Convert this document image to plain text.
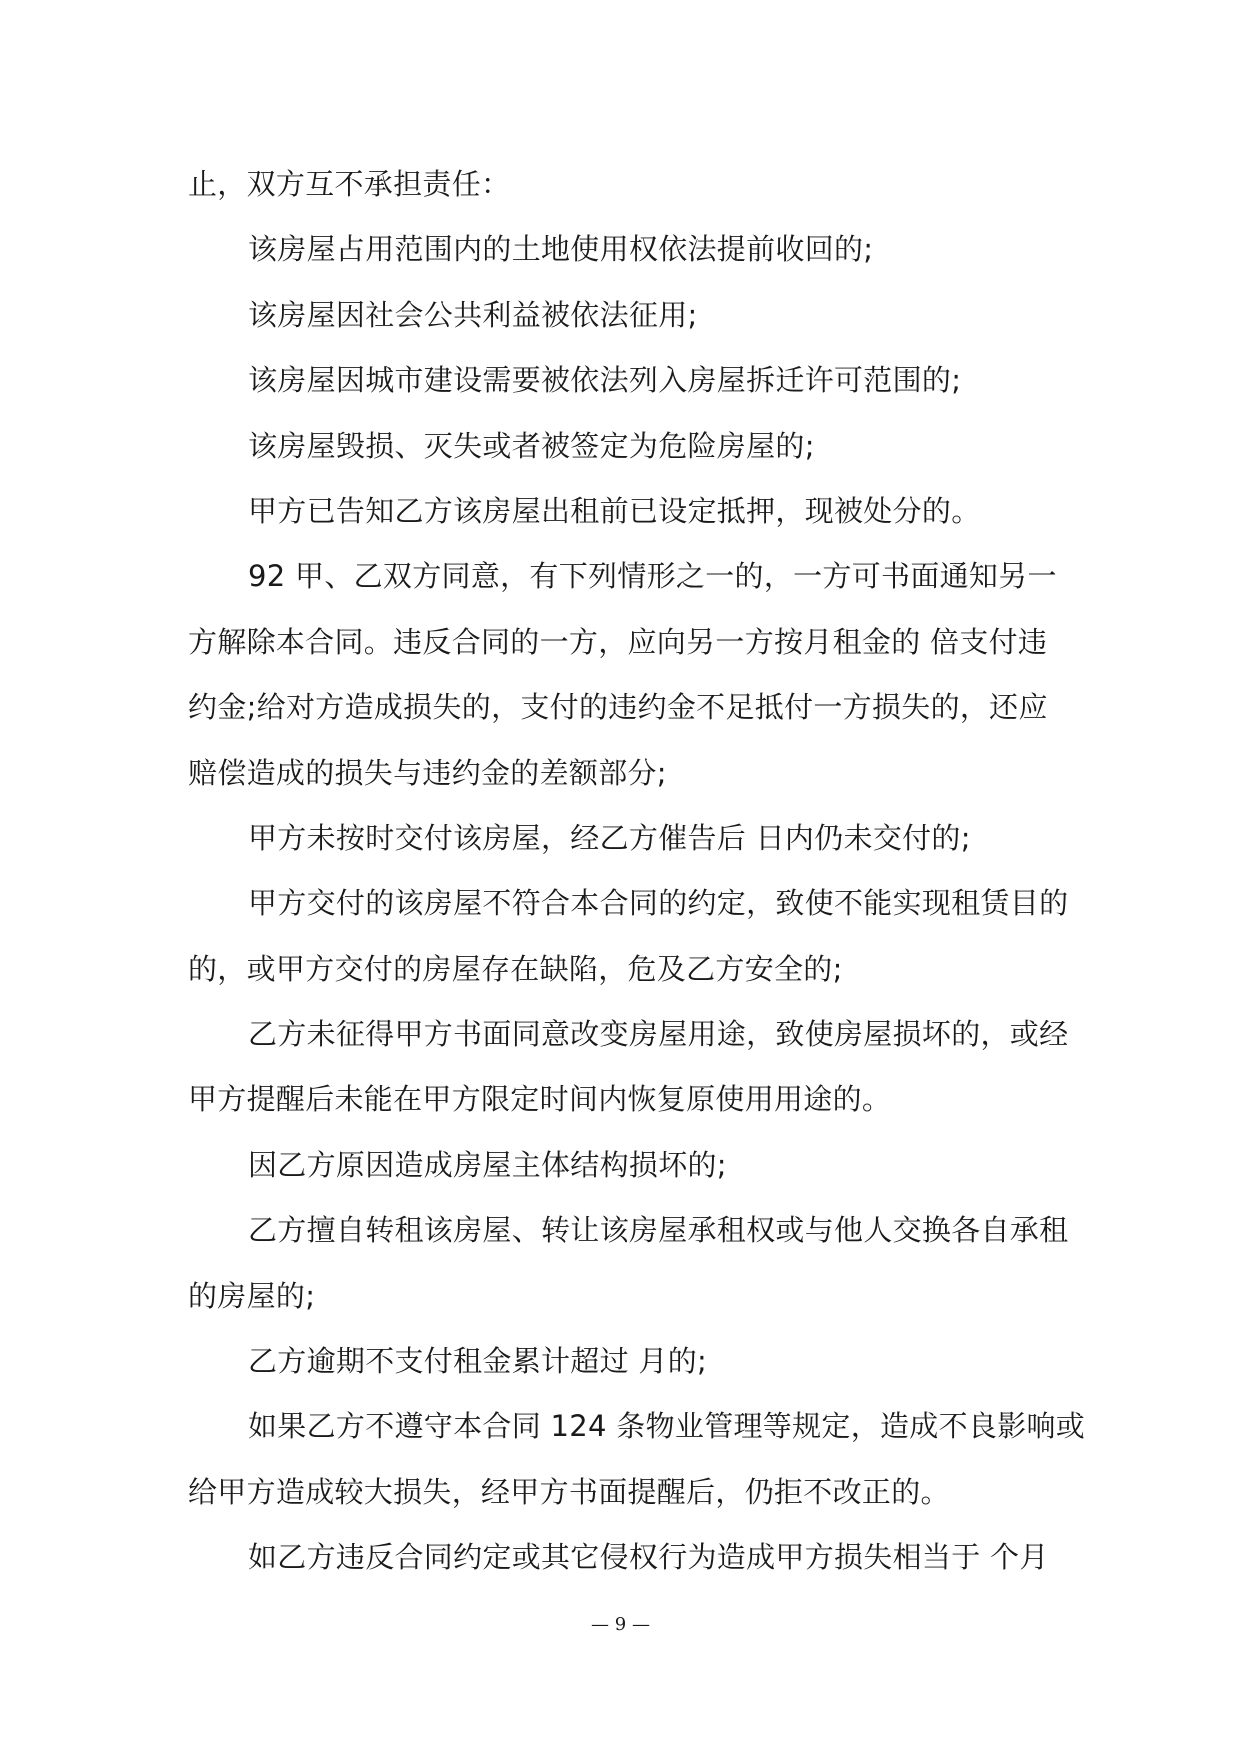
止，双方互不承担责任：
该房屋占用范围内的土地使用权依法提前收回的;
该房屋因社会公共利益被依法征用;
该房屋因城市建设需要被依法列入房屋拆迁许可范围的;
该房屋毁损、灭失或者被签定为危险房屋的;
甲方已告知乙方该房屋出租前已设定抵押，现被处分的。
92 甲、乙双方同意，有下列情形之一的，一方可书面通知另一
方解除本合同。违反合同的一方，应向另一方按月租金的 倍支付违
约金;给对方造成损失的，支付的违约金不足抵付一方损失的，还应
赔偿造成的损失与违约金的差额部分;
甲方未按时交付该房屋，经乙方催告后 日内仍未交付的;
甲方交付的该房屋不符合本合同的约定，致使不能实现租赁目的
的，或甲方交付的房屋存在缺陷，危及乙方安全的;
乙方未征得甲方书面同意改变房屋用途，致使房屋损坏的，或经
甲方提醒后未能在甲方限定时间内恢复原使用用途的。
因乙方原因造成房屋主体结构损坏的;
乙方擅自转租该房屋、转让该房屋承租权或与他人交换各自承租
的房屋的;
乙方逾期不支付租金累计超过 月的;
如果乙方不遵守本合同 124 条物业管理等规定，造成不良影响或
给甲方造成较大损失，经甲方书面提醒后，仍拒不改正的。
如乙方违反合同约定或其它侵权行为造成甲方损失相当于 个月
— 9 —
